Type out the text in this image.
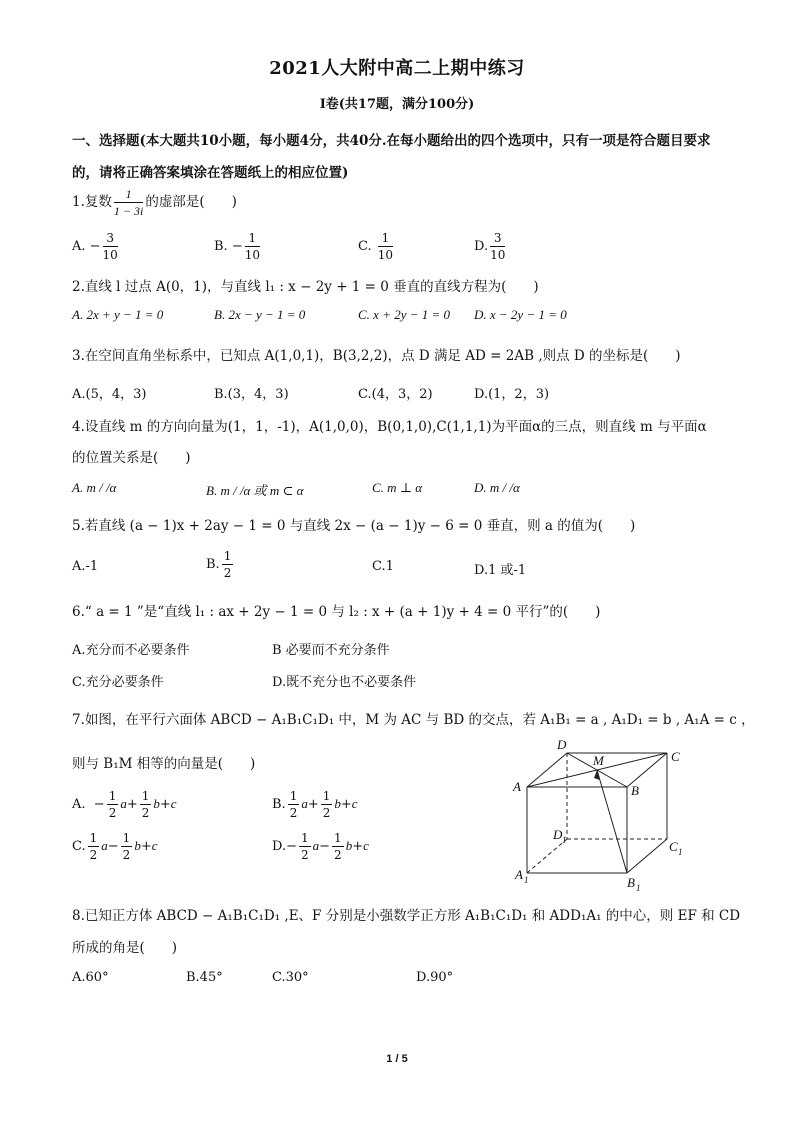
2021人大附中高二上期中练习
Ⅰ卷(共17题，满分100分)
一、选择题(本大题共10小题，每小题4分，共40分.在每小题给出的四个选项中，只有一项是符合题目要求的，请将正确答案填涂在答题纸上的相应位置)
1.复数 $\frac{1}{1 - 3i}$ 的虚部是(　　)
A. − $\frac{3}{10}$	B. − $\frac{1}{10}$	C. $\frac{1}{10}$	D. $\frac{3}{10}$
2.直线 l 过点 A(0，1)，与直线 l₁ : x − 2y + 1 = 0 垂直的直线方程为(　　)
A. 2x + y − 1 = 0	B. 2x − y − 1 = 0	C. x + 2y − 1 = 0 D. x − 2y − 1 = 0
3.在空间直角坐标系中，已知点 A(1,0,1)，B(3,2,2)，点 D 满足 AD = 2AB ,则点 D 的坐标是(　　)
A.(5，4，3)	B.(3，4，3)	C.(4，3，2)	D.(1，2，3)
4.设直线 m 的方向向量为(1，1，-1)，A(1,0,0)，B(0,1,0),C(1,1,1)为平面α的三点，则直线 m 与平面α
的位置关系是(　　)
A. m / /α	B. m / /α 或 m ⊂ α	C. m ⊥ α	D. m / /α
5.若直线 (a − 1)x + 2ay − 1 = 0 与直线 2x − (a − 1)y − 6 = 0 垂直，则 a 的值为(　　)
A.-1	B. $\frac{1}{2}$	C.1	D.1 或-1
6.“ a = 1 ”是“直线 l₁ : ax + 2y − 1 = 0 与 l₂ : x + (a + 1)y + 4 = 0 平行”的(　　)
A.充分而不必要条件	B 必要而不充分条件
C.充分必要条件	D.既不充分也不必要条件
7.如图，在平行六面体 ABCD − A₁B₁C₁D₁ 中，M 为 AC 与 BD 的交点，若 A₁B₁ = a , A₁D₁ = b , A₁A = c ，
则与 B₁M 相等的向量是(　　)
A.  − $\frac{1}{2} a+ \frac{1}{2} b+c$	B. $\frac{1}{2} a+ \frac{1}{2} b+c$
C. $\frac{1}{2} a- \frac{1}{2} b+c$	$D.- \frac{1}{2} a- \frac{1}{2} b+c$
D
M	C
A	B
D 1	C 1
A 1	B 1
8.已知正方体 ABCD − A₁B₁C₁D₁ ,E、F 分别是小强数学正方形 A₁B₁C₁D₁ 和 ADD₁A₁ 的中心，则 EF 和 CD
所成的角是(　　)
A.60°	B.45°	C.30°	D.90°
1 / 5
